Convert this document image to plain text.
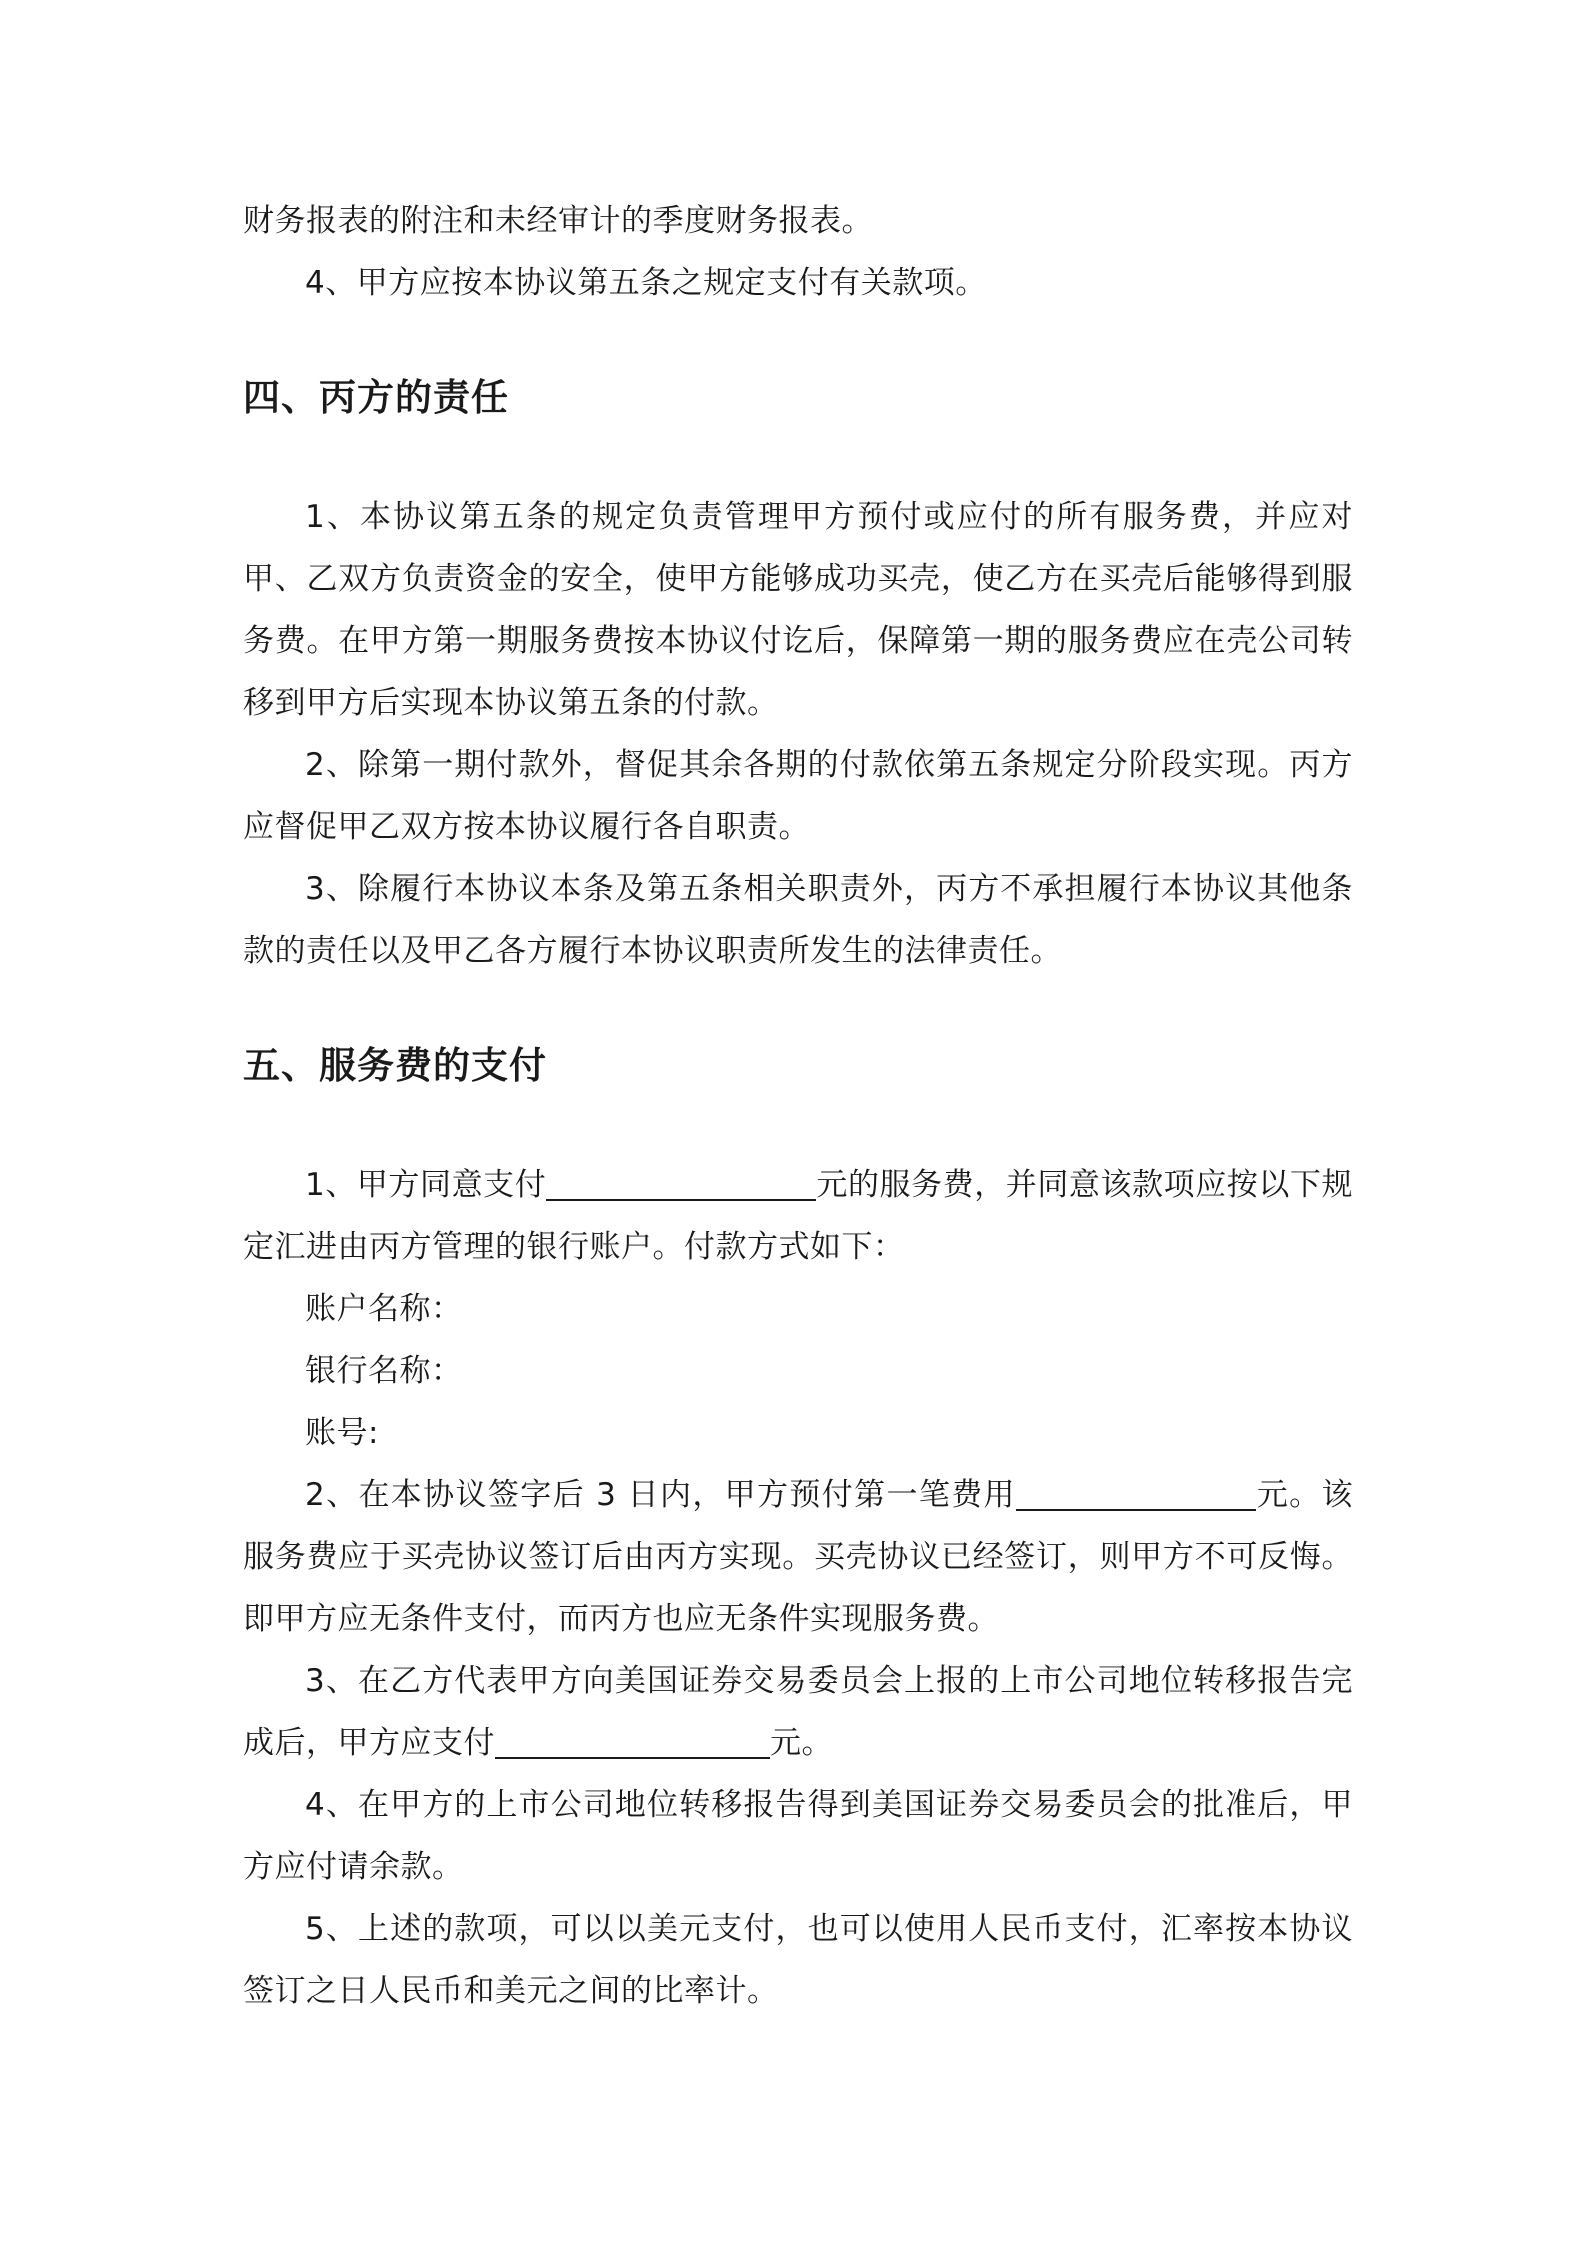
财务报表的附注和未经审计的季度财务报表。

4、甲方应按本协议第五条之规定支付有关款项。

四、丙方的责任

1、本协议第五条的规定负责管理甲方预付或应付的所有服务费，并应对甲、乙双方负责资金的安全，使甲方能够成功买壳，使乙方在买壳后能够得到服务费。在甲方第一期服务费按本协议付讫后，保障第一期的服务费应在壳公司转移到甲方后实现本协议第五条的付款。

2、除第一期付款外，督促其余各期的付款依第五条规定分阶段实现。丙方应督促甲乙双方按本协议履行各自职责。

3、除履行本协议本条及第五条相关职责外，丙方不承担履行本协议其他条款的责任以及甲乙各方履行本协议职责所发生的法律责任。

五、服务费的支付

1、甲方同意支付	元的服务费，并同意该款项应按以下规定汇进由丙方管理的银行账户。付款方式如下：

账户名称：

银行名称：

账号:

2、在本协议签字后 3 日内，甲方预付第一笔费用	元。该服务费应于买壳协议签订后由丙方实现。买壳协议已经签订，则甲方不可反悔。即甲方应无条件支付，而丙方也应无条件实现服务费。

3、在乙方代表甲方向美国证券交易委员会上报的上市公司地位转移报告完成后，甲方应支付	元。

4、在甲方的上市公司地位转移报告得到美国证券交易委员会的批准后，甲方应付请余款。

5、上述的款项，可以以美元支付，也可以使用人民币支付，汇率按本协议签订之日人民币和美元之间的比率计。
